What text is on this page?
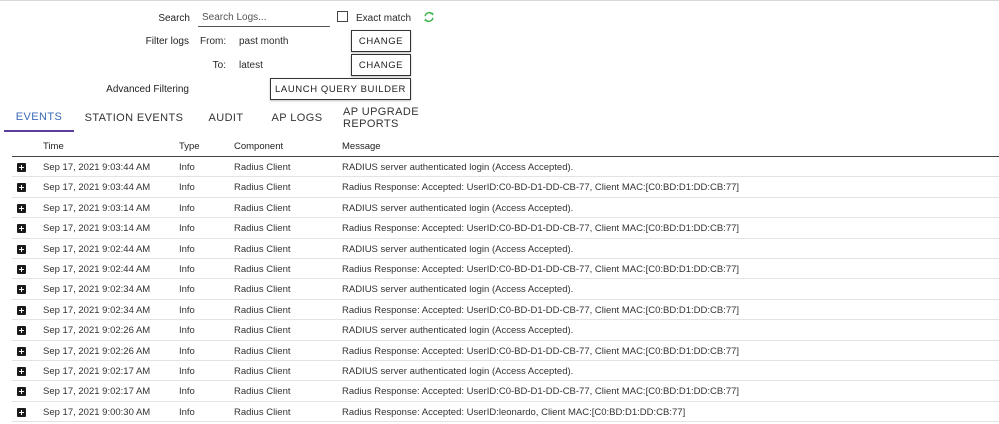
Search
Search Logs...	Exact match
Filter logs From: past month	CHANGE
To: latest	CHANGE
Advanced Filtering	LAUNCH QUERY BUILDER
EVENTS	STATION EVENTS	AUDIT	AP LOGS	AP UPGRADE REPORTS
Time	Type	Component	Message
Sep 17, 2021 9:03:44 AM	Info	Radius Client	RADIUS server authenticated login (Access Accepted).
Sep 17, 2021 9:03:44 AM	Info	Radius Client	Radius Response: Accepted: UserID:C0-BD-D1-DD-CB-77, Client MAC:[C0:BD:D1:DD:CB:77]
Sep 17, 2021 9:03:14 AM	Info	Radius Client	RADIUS server authenticated login (Access Accepted).
Sep 17, 2021 9:03:14 AM	Info	Radius Client	Radius Response: Accepted: UserID:C0-BD-D1-DD-CB-77, Client MAC:[C0:BD:D1:DD:CB:77]
Sep 17, 2021 9:02:44 AM	Info	Radius Client	RADIUS server authenticated login (Access Accepted).
Sep 17, 2021 9:02:44 AM	Info	Radius Client	Radius Response: Accepted: UserID:C0-BD-D1-DD-CB-77, Client MAC:[C0:BD:D1:DD:CB:77]
Sep 17, 2021 9:02:34 AM	Info	Radius Client	RADIUS server authenticated login (Access Accepted).
Sep 17, 2021 9:02:34 AM	Info	Radius Client	Radius Response: Accepted: UserID:C0-BD-D1-DD-CB-77, Client MAC:[C0:BD:D1:DD:CB:77]
Sep 17, 2021 9:02:26 AM	Info	Radius Client	RADIUS server authenticated login (Access Accepted).
Sep 17, 2021 9:02:26 AM	Info	Radius Client	Radius Response: Accepted: UserID:C0-BD-D1-DD-CB-77, Client MAC:[C0:BD:D1:DD:CB:77]
Sep 17, 2021 9:02:17 AM	Info	Radius Client	RADIUS server authenticated login (Access Accepted).
Sep 17, 2021 9:02:17 AM	Info	Radius Client	Radius Response: Accepted: UserID:C0-BD-D1-DD-CB-77, Client MAC:[C0:BD:D1:DD:CB:77]
Sep 17, 2021 9:00:30 AM	Info	Radius Client	Radius Response: Accepted: UserID:leonardo, Client MAC:[C0:BD:D1:DD:CB:77]
